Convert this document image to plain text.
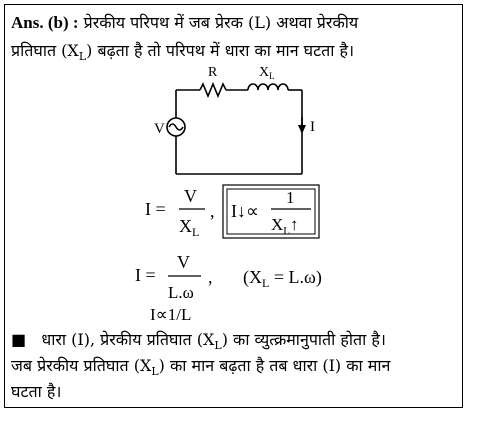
Ans. (b) : प्रेरकीय परिपथ में जब प्रेरक (L) अथवा प्रेरकीय
प्रतिघात $(X_L)$ बढ़ता है तो परिपथ में धारा का मान घटता है।
R	$X_L$
V	I
I =
V
$X_L$
, I↓∝
1
$X_L↑$
I =
V
L.ω
, $(X_L = L.\omega)$
I∝1/L
■ धारा (I), प्रेरकीय प्रतिघात $(X_L)$ का व्युत्क्रमानुपाती होता है।
जब प्रेरकीय प्रतिघात $(X_L)$ का मान बढ़ता है तब धारा (I) का मान
घटता है।
